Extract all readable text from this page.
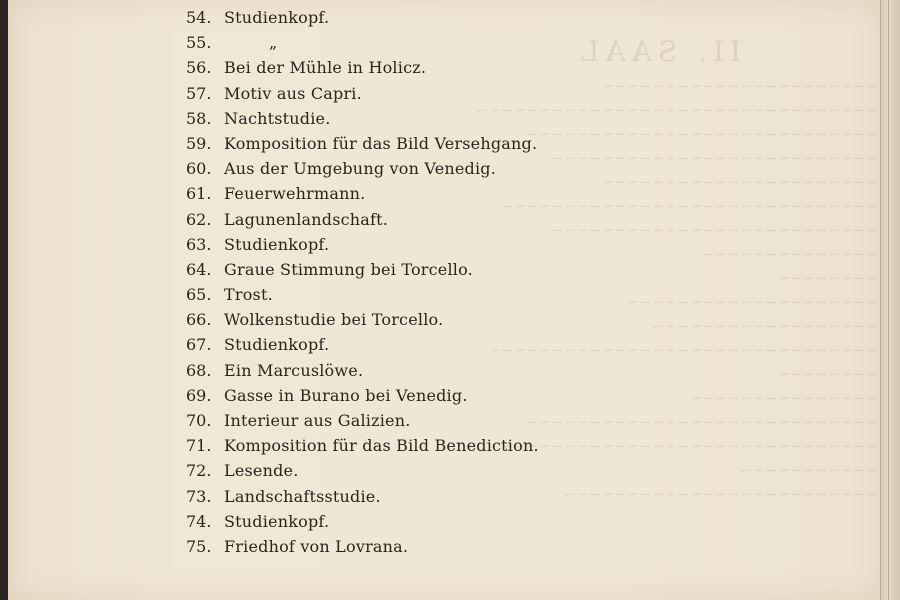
II. SAAL
~~~~~~~~~~~~~~~~~~~~~~
~~~~~~~~~~~~~~~~~~~~~~~~~~~~~~~~
~~~~~~~~~~~~~~~~~~~~~~~~~~~~
~~~~~~~~~~~~~~~~~~~~~~~~~~
~~~~~~~~~~~~~~~~~~~~~~
~~~~~~~~~~~~~~~~~~~~~~~~~~~~~~
~~~~~~~~~~~~~~~~~~~~~~~~~~
~~~~~~~~~~~~~~
~~~~~~~~
~~~~~~~~~~~~~~~~~~~~
~~~~~~~~~~~~~~~~~~
~~~~~~~~~~~~~~~~~~~~~~~~~~~~~~~
~~~~~~~~
~~~~~~~~~~~~~~~
~~~~~~~~~~~~~~~~~~~~~~~~~~~~
~~~~~~~~~~~~~~~~~~~~~~~~~~~~~~
~~~~~~~~~~~
~~~~~~~~~~~~~~~~~~~~~~~~~
54. Studienkopf.
55.	„
56. Bei der Mühle in Holicz.
57. Motiv aus Capri.
58. Nachtstudie.
59. Komposition für das Bild Versehgang.
60. Aus der Umgebung von Venedig.
61. Feuerwehrmann.
62. Lagunenlandschaft.
63. Studienkopf.
64. Graue Stimmung bei Torcello.
65. Trost.
66. Wolkenstudie bei Torcello.
67. Studienkopf.
68. Ein Marcuslöwe.
69. Gasse in Burano bei Venedig.
70. Interieur aus Galizien.
71. Komposition für das Bild Benediction.
72. Lesende.
73. Landschaftsstudie.
74. Studienkopf.
75. Friedhof von Lovrana.
